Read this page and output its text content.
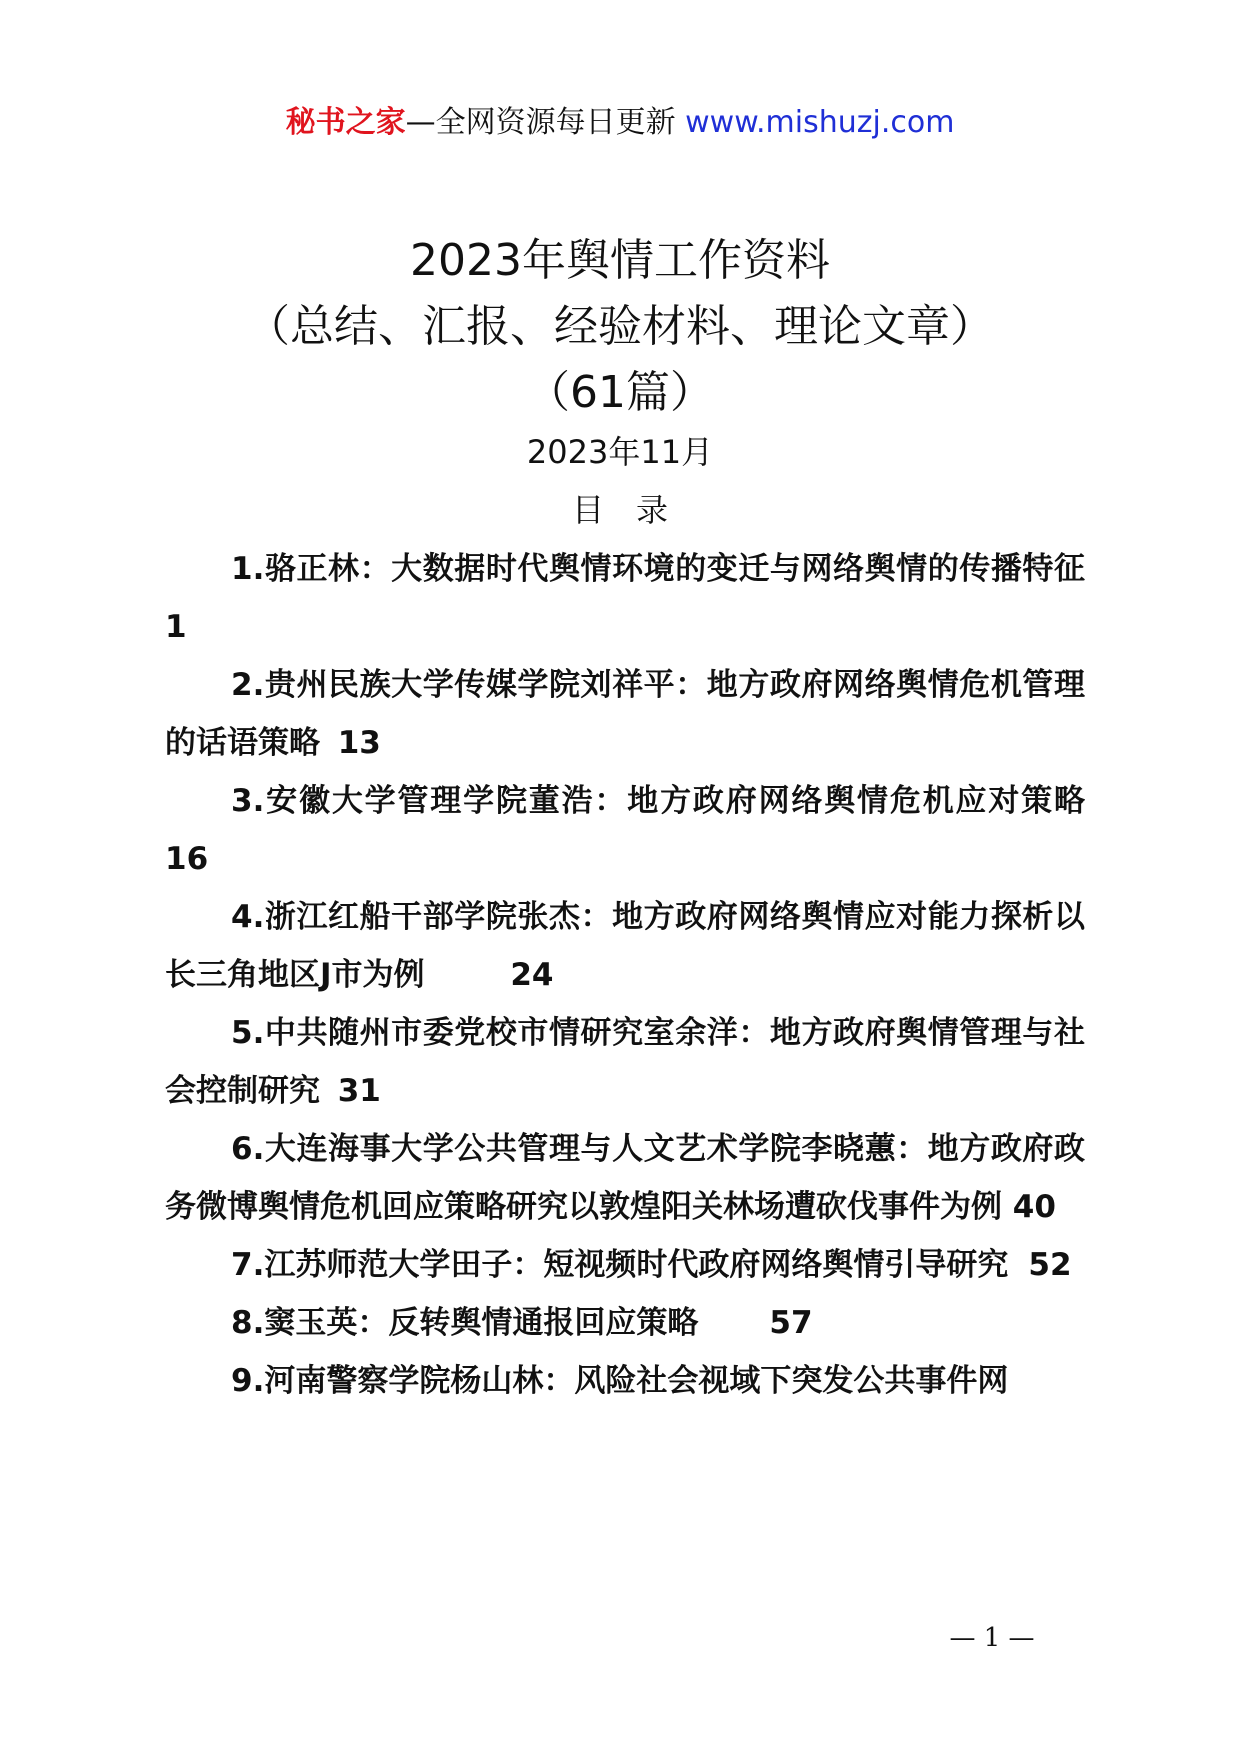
秘书之家—全网资源每日更新 www.mishuzj.com
2023年舆情工作资料
（总结、汇报、经验材料、理论文章）
（61篇）
2023年11月
目　录
1.骆正林：大数据时代舆情环境的变迁与网络舆情的传播特征 1
2.贵州民族大学传媒学院刘祥平：地方政府网络舆情危机管理的话语策略	13
3.安徽大学管理学院董浩：地方政府网络舆情危机应对策略	16
4.浙江红船干部学院张杰：地方政府网络舆情应对能力探析以长三角地区J市为例	24
5.中共随州市委党校市情研究室余洋：地方政府舆情管理与社会控制研究	31
6.大连海事大学公共管理与人文艺术学院李晓蕙：地方政府政务微博舆情危机回应策略研究以敦煌阳关林场遭砍伐事件为例 40
7.江苏师范大学田子：短视频时代政府网络舆情引导研究	52
8.窦玉英：反转舆情通报回应策略	57
9.河南警察学院杨山林：风险社会视域下突发公共事件网
— 1 —
